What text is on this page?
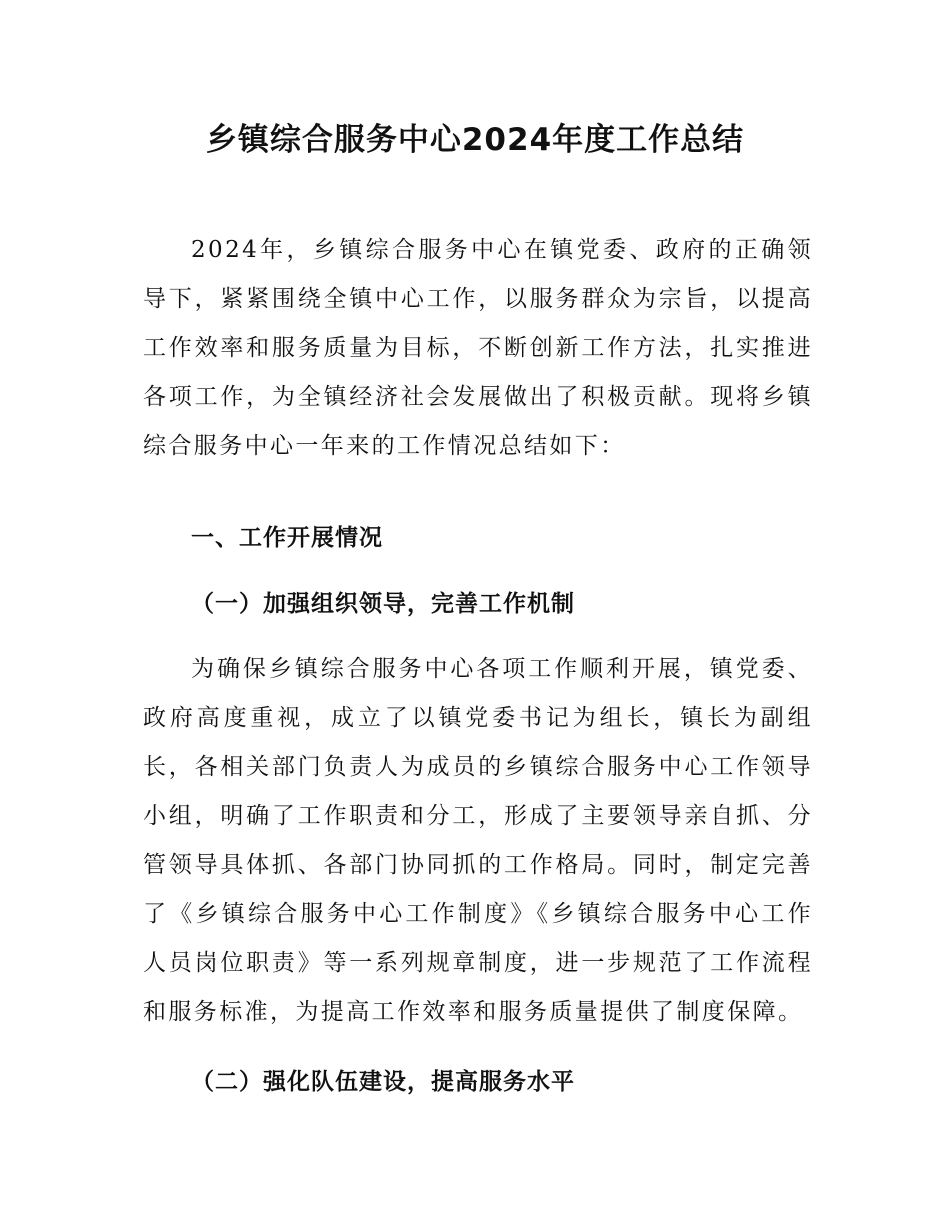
乡镇综合服务中心2024年度工作总结

2024年，乡镇综合服务中心在镇党委、政府的正确领导下，紧紧围绕全镇中心工作，以服务群众为宗旨，以提高工作效率和服务质量为目标，不断创新工作方法，扎实推进各项工作，为全镇经济社会发展做出了积极贡献。现将乡镇综合服务中心一年来的工作情况总结如下：

一、工作开展情况
（一）加强组织领导，完善工作机制

为确保乡镇综合服务中心各项工作顺利开展，镇党委、政府高度重视，成立了以镇党委书记为组长，镇长为副组长，各相关部门负责人为成员的乡镇综合服务中心工作领导小组，明确了工作职责和分工，形成了主要领导亲自抓、分管领导具体抓、各部门协同抓的工作格局。同时，制定完善了《乡镇综合服务中心工作制度》《乡镇综合服务中心工作人员岗位职责》等一系列规章制度，进一步规范了工作流程和服务标准，为提高工作效率和服务质量提供了制度保障。

（二）强化队伍建设，提高服务水平
